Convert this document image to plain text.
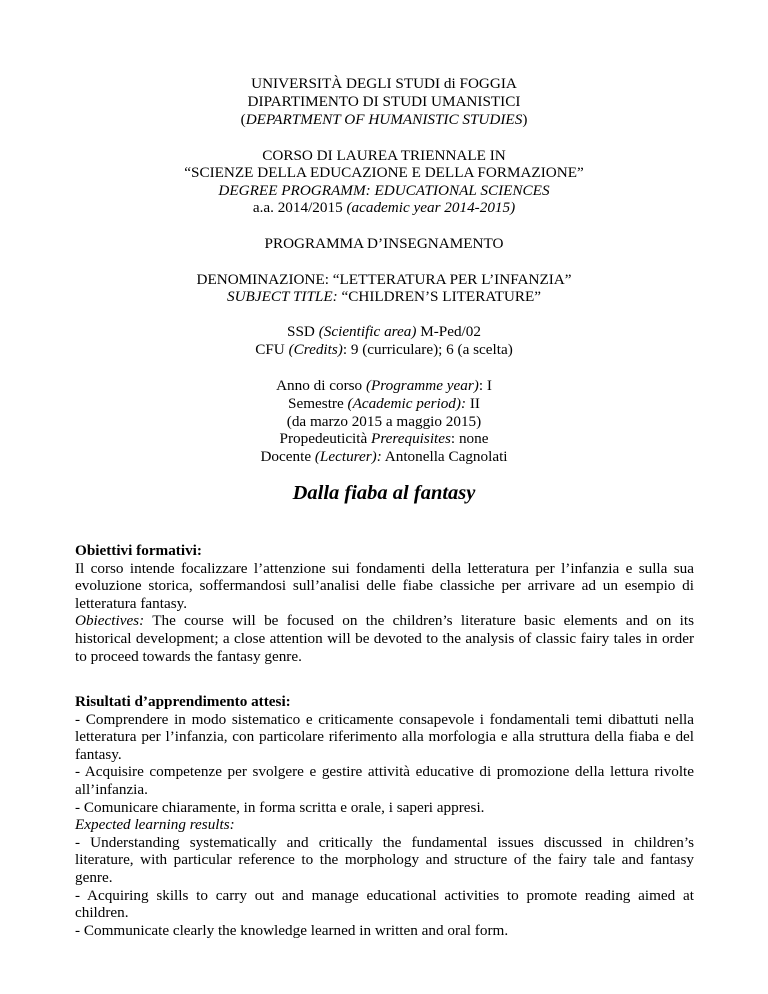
UNIVERSITÀ DEGLI STUDI di FOGGIA
DIPARTIMENTO DI STUDI UMANISTICI
(DEPARTMENT OF HUMANISTIC STUDIES)
CORSO DI LAUREA TRIENNALE IN
“SCIENZE DELLA EDUCAZIONE E DELLA FORMAZIONE”
DEGREE PROGRAMM: EDUCATIONAL SCIENCES
a.a. 2014/2015 (academic year 2014-2015)
PROGRAMMA D’INSEGNAMENTO
DENOMINAZIONE: “LETTERATURA PER L’INFANZIA”
SUBJECT TITLE: “CHILDREN’S LITERATURE”
SSD (Scientific area) M-Ped/02
CFU (Credits): 9 (curriculare); 6 (a scelta)
Anno di corso (Programme year): I
Semestre (Academic period): II
(da marzo 2015 a maggio 2015)
Propedeuticità Prerequisites: none
Docente (Lecturer): Antonella Cagnolati
Dalla fiaba al fantasy
Obiettivi formativi:
Il corso intende focalizzare l’attenzione sui fondamenti della letteratura per l’infanzia e sulla sua
evoluzione storica, soffermandosi sull’analisi delle fiabe classiche per arrivare ad un esempio di
letteratura fantasy.
Obiectives: The course will be focused on the children’s literature basic elements and on its
historical development; a close attention will be devoted to the analysis of classic fairy tales in order
to proceed towards the fantasy genre.
Risultati d’apprendimento attesi:
- Comprendere in modo sistematico e criticamente consapevole i fondamentali temi dibattuti nella
letteratura per l’infanzia, con particolare riferimento alla morfologia e alla struttura della fiaba e del
fantasy.
- Acquisire competenze per svolgere e gestire attività educative di promozione della lettura rivolte
all’infanzia.
- Comunicare chiaramente, in forma scritta e orale, i saperi appresi.
Expected learning results:
- Understanding systematically and critically the fundamental issues discussed in children’s
literature, with particular reference to the morphology and structure of the fairy tale and fantasy
genre.
- Acquiring skills to carry out and manage educational activities to promote reading aimed at
children.
- Communicate clearly the knowledge learned in written and oral form.
